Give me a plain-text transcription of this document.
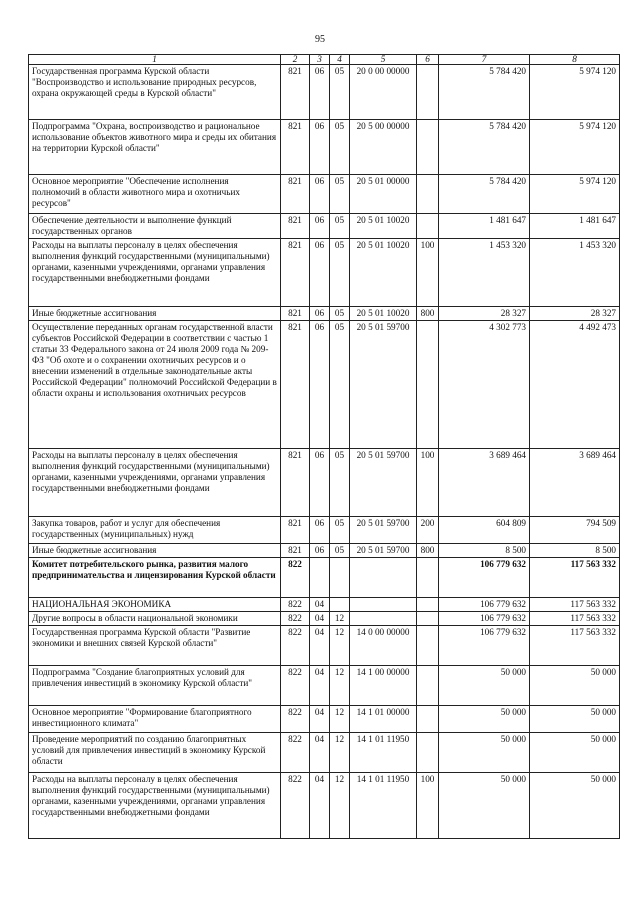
95
1	2	3	4	5	6	7	8
Государственная программа Курской области "Воспроизводство и использование природных ресурсов, охрана окружающей среды в Курской области"	821	06	05	20 0 00 00000		5 784 420	5 974 120
Подпрограмма "Охрана, воспроизводство и рациональное использование объектов животного мира и среды их обитания на территории Курской области"	821	06	05	20 5 00 00000		5 784 420	5 974 120
Основное мероприятие "Обеспечение исполнения полномочий в области животного мира и охотничьих ресурсов"	821	06	05	20 5 01 00000		5 784 420	5 974 120
Обеспечение деятельности и выполнение функций государственных органов	821	06	05	20 5 01 10020		1 481 647	1 481 647
Расходы на выплаты персоналу в целях обеспечения выполнения функций государственными (муниципальными) органами, казенными учреждениями, органами управления государственными внебюджетными фондами	821	06	05	20 5 01 10020	100	1 453 320	1 453 320
Иные бюджетные ассигнования	821	06	05	20 5 01 10020	800	28 327	28 327
Осуществление переданных органам государственной власти субъектов Российской Федерации в соответствии с частью 1 статьи 33 Федерального закона от 24 июля 2009 года № 209-ФЗ "Об охоте и о сохранении охотничьих ресурсов и о внесении изменений в отдельные законодательные акты Российской Федерации" полномочий Российской Федерации в области охраны и использования охотничьих ресурсов	821	06	05	20 5 01 59700		4 302 773	4 492 473
Расходы на выплаты персоналу в целях обеспечения выполнения функций государственными (муниципальными) органами, казенными учреждениями, органами управления государственными внебюджетными фондами	821	06	05	20 5 01 59700	100	3 689 464	3 689 464
Закупка товаров, работ и услуг для обеспечения государственных (муниципальных) нужд	821	06	05	20 5 01 59700	200	604 809	794 509
Иные бюджетные ассигнования	821	06	05	20 5 01 59700	800	8 500	8 500
Комитет потребительского рынка, развития малого предпринимательства и лицензирования Курской области	822					106 779 632	117 563 332
НАЦИОНАЛЬНАЯ ЭКОНОМИКА	822	04				106 779 632	117 563 332
Другие вопросы в области национальной экономики	822	04	12			106 779 632	117 563 332
Государственная программа Курской области "Развитие экономики и внешних связей Курской области"	822	04	12	14 0 00 00000		106 779 632	117 563 332
Подпрограмма "Создание благоприятных условий для привлечения инвестиций в экономику Курской области"	822	04	12	14 1 00 00000		50 000	50 000
Основное мероприятие "Формирование благоприятного инвестиционного климата"	822	04	12	14 1 01 00000		50 000	50 000
Проведение мероприятий по созданию благоприятных условий для привлечения инвестиций в экономику Курской области	822	04	12	14 1 01 11950		50 000	50 000
Расходы на выплаты персоналу в целях обеспечения выполнения функций государственными (муниципальными) органами, казенными учреждениями, органами управления государственными внебюджетными фондами	822	04	12	14 1 01 11950	100	50 000	50 000
